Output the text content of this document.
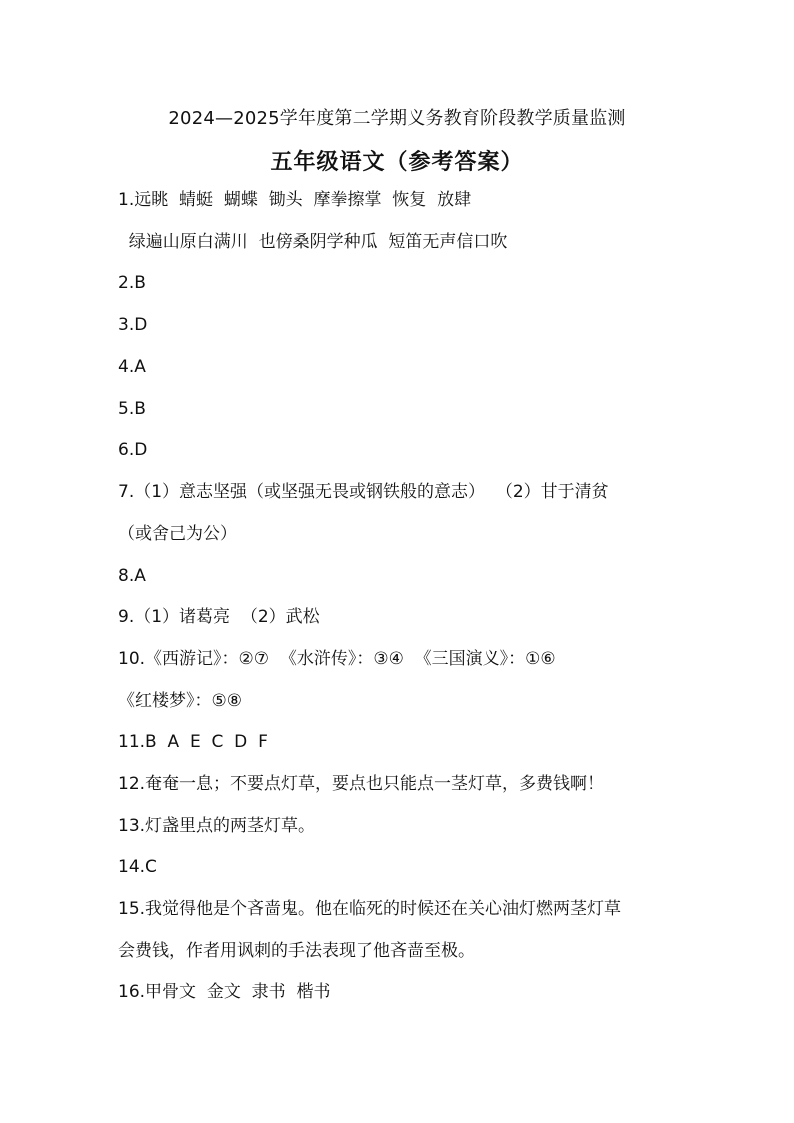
2024—2025学年度第二学期义务教育阶段教学质量监测
五年级语文（参考答案）
1.远眺  蜻蜓  蝴蝶  锄头  摩拳擦掌  恢复  放肆
绿遍山原白满川  也傍桑阴学种瓜  短笛无声信口吹
2.B
3.D
4.A
5.B
6.D
7.（1）意志坚强（或坚强无畏或钢铁般的意志）  （2）甘于清贫
（或舍己为公）
8.A
9.（1）诸葛亮  （2）武松
10.《西游记》：②⑦  《水浒传》：③④  《三国演义》：①⑥
《红楼梦》：⑤⑧
11.B  A  E  C  D  F
12.奄奄一息；不要点灯草，要点也只能点一茎灯草，多费钱啊！
13.灯盏里点的两茎灯草。
14.C
15.我觉得他是个吝啬鬼。他在临死的时候还在关心油灯燃两茎灯草
会费钱，作者用讽刺的手法表现了他吝啬至极。
16.甲骨文  金文  隶书  楷书
